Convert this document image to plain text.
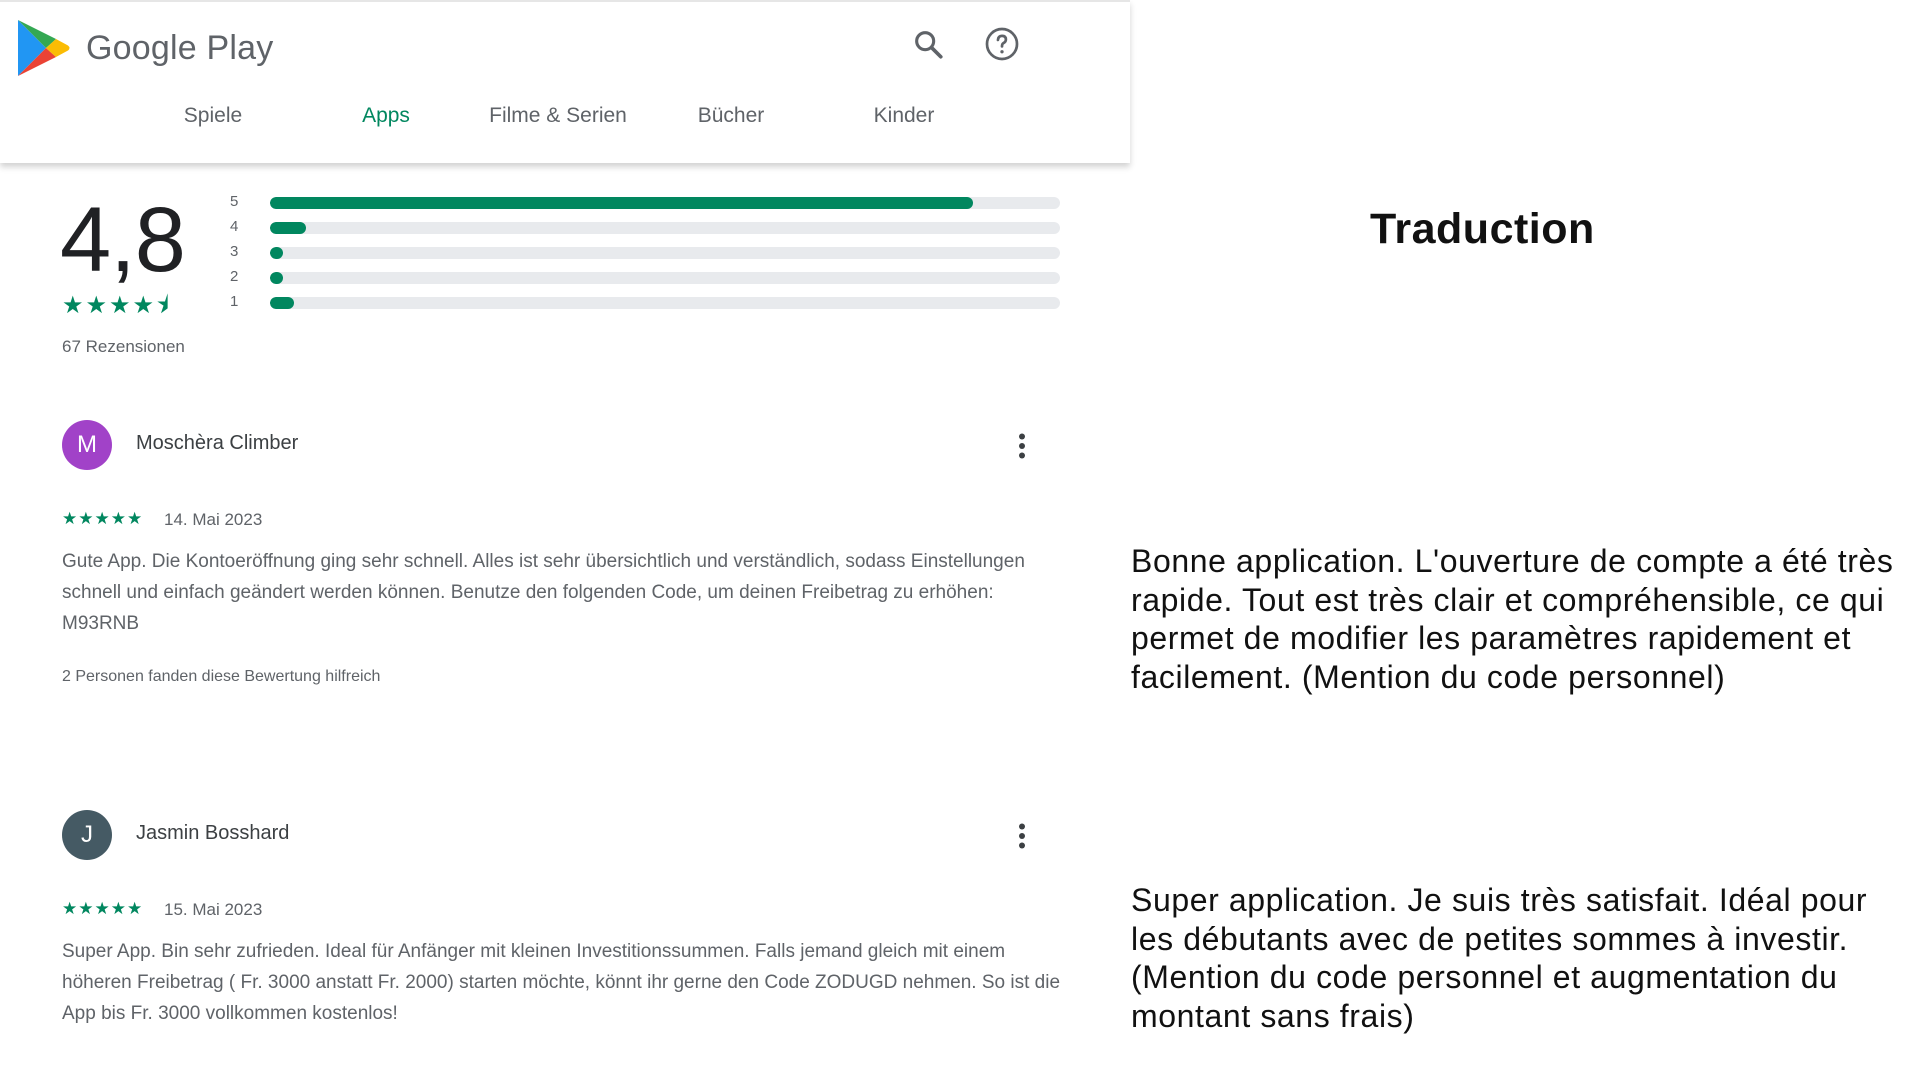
Google Play
Spiele	Apps	Filme & Serien	Bücher	Kinder
4,8
★★★★⯨
67 Rezensionen
5
4
3
2
1
M	Moschèra Climber
★★★★★ 14. Mai 2023
Gute App. Die Kontoeröffnung ging sehr schnell. Alles ist sehr übersichtlich und verständlich, sodass Einstellungen schnell und einfach geändert werden können. Benutze den folgenden Code, um deinen Freibetrag zu erhöhen: M93RNB
2 Personen fanden diese Bewertung hilfreich
J	Jasmin Bosshard
★★★★★ 15. Mai 2023
Super App. Bin sehr zufrieden. Ideal für Anfänger mit kleinen Investitionssummen. Falls jemand gleich mit einem höheren Freibetrag ( Fr. 3000 anstatt Fr. 2000) starten möchte, könnt ihr gerne den Code ZODUGD nehmen. So ist die App bis Fr. 3000 vollkommen kostenlos!
Traduction
Bonne application. L'ouverture de compte a été très rapide. Tout est très clair et compréhensible, ce qui permet de modifier les paramètres rapidement et facilement. (Mention du code personnel)
Super application. Je suis très satisfait. Idéal pour les débutants avec de petites sommes à investir. (Mention du code personnel et augmentation du montant sans frais)
